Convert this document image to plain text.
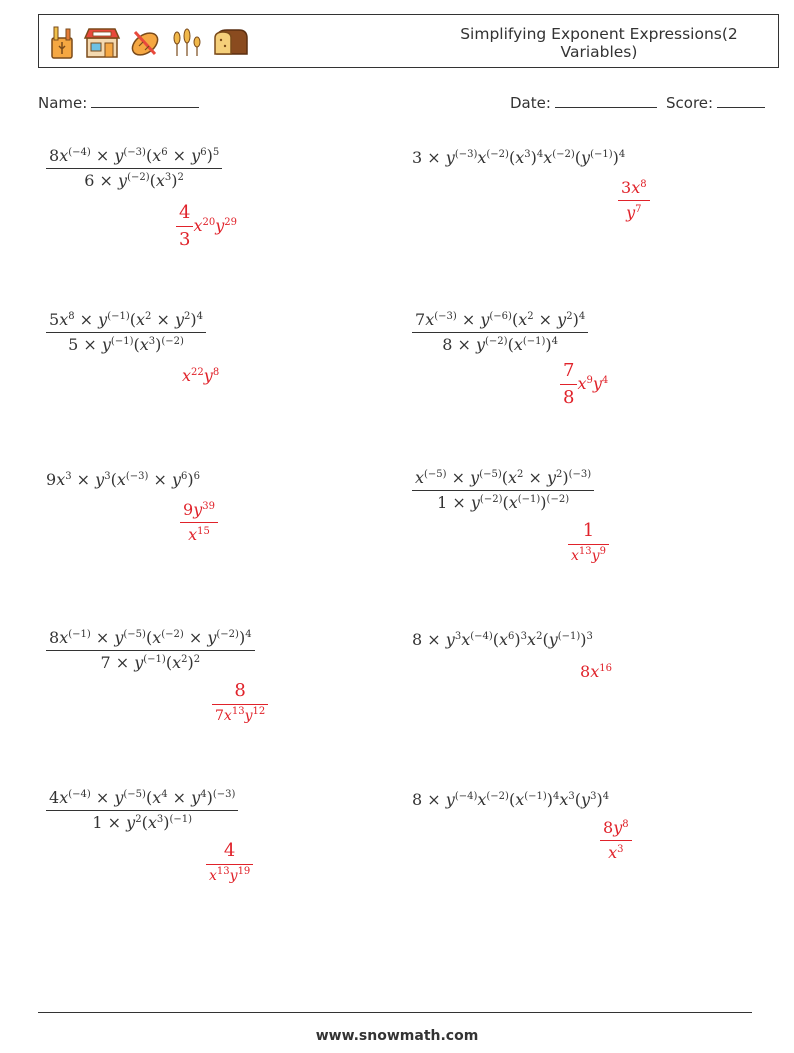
Simplifying Exponent Expressions(2
Variables)
Name:	Date:	Score:
$\frac{8x^{(-4)} \times y^{(-3)}(x^6 \times y^6)^5}{6 \times y^{(-2)}(x^3)^2}$
$\frac{4}{3} x^{20}y^{29}$
$3 \times y^{(-3)}x^{(-2)}(x^3)^4x^{(-2)}(y^{(-1)})^4$
$\frac{3x^8}{y^7}$
$\frac{5x^8 \times y^{(-1)}(x^2 \times y^2)^4}{5 \times y^{(-1)}(x^3)^{(-2)}}$
$x^{22}y^8$
$\frac{7x^{(-3)} \times y^{(-6)}(x^2 \times y^2)^4}{8 \times y^{(-2)}(x^{(-1)})^4}$
$\frac{7}{8} x^9y^4$
$9x^3 \times y^3(x^{(-3)} \times y^6)^6$
$\frac{9y^{39}}{x^{15}}$
$\frac{x^{(-5)} \times y^{(-5)}(x^2 \times y^2)^{(-3)}}{1 \times y^{(-2)}(x^{(-1)})^{(-2)}}$
$\frac{1}{x^{13}y^9}$
$\frac{8x^{(-1)} \times y^{(-5)}(x^{(-2)} \times y^{(-2)})^4}{7 \times y^{(-1)}(x^2)^2}$
$\frac{8}{7x^{13}y^{12}}$
$8 \times y^3x^{(-4)}(x^6)^3x^2(y^{(-1)})^3$
$8x^{16}$
$\frac{4x^{(-4)} \times y^{(-5)}(x^4 \times y^4)^{(-3)}}{1 \times y^2(x^3)^{(-1)}}$
$\frac{4}{x^{13}y^{19}}$
$8 \times y^{(-4)}x^{(-2)}(x^{(-1)})^4x^3(y^3)^4$
$\frac{8y^8}{x^3}$
www.snowmath.com
